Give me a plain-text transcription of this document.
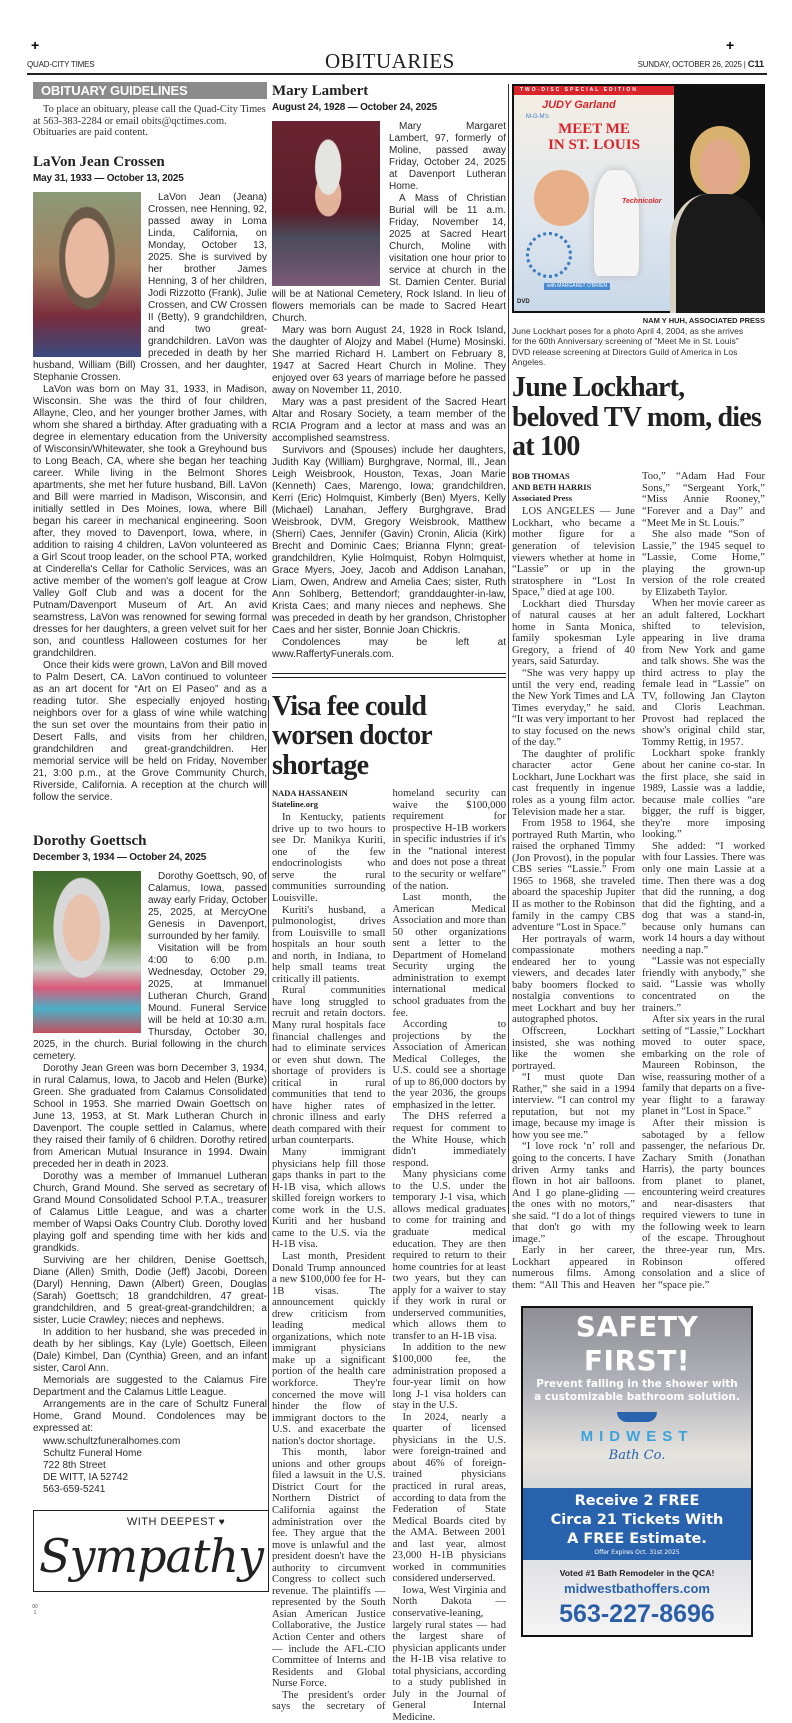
+	+
QUAD-CITY TIMES	OBITUARIES	SUNDAY, OCTOBER 26, 2025 | C11
OBITUARY GUIDELINES
To place an obituary, please call the Quad-City Times at 563-383-2284 or email obits@qctimes.com. Obituaries are paid content.
LaVon Jean Crossen
May 31, 1933 — October 13, 2025

LaVon Jean (Jeana) Crossen, nee Henning, 92, passed away in Loma Linda, California, on Monday, October 13, 2025. She is survived by her brother James Henning, 3 of her children, Jodi Rizzotto (Frank), Julie Crossen, and CW Crossen II (Betty), 9 grandchildren, and two great-grandchildren. LaVon was preceded in death by her husband, William (Bill) Crossen, and her daughter, Stephanie Crossen.

LaVon was born on May 31, 1933, in Madison, Wisconsin. She was the third of four children, Allayne, Cleo, and her younger brother James, with whom she shared a birthday. After graduating with a degree in elementary education from the University of Wisconsin/Whitewater, she took a Greyhound bus to Long Beach, CA, where she began her teaching career. While living in the Belmont Shores apartments, she met her future husband, Bill. LaVon and Bill were married in Madison, Wisconsin, and initially settled in Des Moines, Iowa, where Bill began his career in mechanical engineering. Soon after, they moved to Davenport, Iowa, where, in addition to raising 4 children, LaVon volunteered as a Girl Scout troop leader, on the school PTA, worked at Cinderella's Cellar for Catholic Services, was an active member of the women's golf league at Crow Valley Golf Club and was a docent for the Putnam/Davenport Museum of Art. An avid seamstress, LaVon was renowned for sewing formal dresses for her daughters, a green velvet suit for her son, and countless Halloween costumes for her grandchildren.

Once their kids were grown, LaVon and Bill moved to Palm Desert, CA. LaVon continued to volunteer as an art docent for “Art on El Paseo” and as a reading tutor. She especially enjoyed hosting neighbors over for a glass of wine while watching the sun set over the mountains from their patio in Desert Falls, and visits from her children, grandchildren and great-grandchildren. Her memorial service will be held on Friday, November 21, 3:00 p.m., at the Grove Community Church, Riverside, California. A reception at the church will follow the service.

Dorothy Goettsch
December 3, 1934 — October 24, 2025

Dorothy Goettsch, 90, of Calamus, Iowa, passed away early Friday, October 25, 2025, at MercyOne Genesis in Davenport, surrounded by her family.

Visitation will be from 4:00 to 6:00 p.m. Wednesday, October 29, 2025, at Immanuel Lutheran Church, Grand Mound. Funeral Service will be held at 10:30 a.m. Thursday, October 30, 2025, in the church. Burial following in the church cemetery.

Dorothy Jean Green was born December 3, 1934, in rural Calamus, Iowa, to Jacob and Helen (Burke) Green. She graduated from Calamus Consolidated School in 1953. She married Dwain Goettsch on June 13, 1953, at St. Mark Lutheran Church in Davenport. The couple settled in Calamus, where they raised their family of 6 children. Dorothy retired from American Mutual Insurance in 1994. Dwain preceded her in death in 2023.

Dorothy was a member of Immanuel Lutheran Church, Grand Mound. She served as secretary of Grand Mound Consolidated School P.T.A., treasurer of Calamus Little League, and was a charter member of Wapsi Oaks Country Club. Dorothy loved playing golf and spending time with her kids and grandkids.

Surviving are her children, Denise Goettsch, Diane (Allen) Smith, Dodie (Jeff) Jacobi, Doreen (Daryl) Henning, Dawn (Albert) Green, Douglas (Sarah) Goettsch; 18 grandchildren, 47 great-grandchildren, and 5 great-great-grandchildren; a sister, Lucie Crawley; nieces and nephews.

In addition to her husband, she was preceded in death by her siblings, Kay (Lyle) Goettsch, Eileen (Dale) Kimbel, Dan (Cynthia) Green, and an infant sister, Carol Ann.

Memorials are suggested to the Calamus Fire Department and the Calamus Little League.

Arrangements are in the care of Schultz Funeral Home, Grand Mound. Condolences may be expressed at:

www.schultzfuneralhomes.com
Schultz Funeral Home
722 8th Street
DE WITT, IA 52742
563-659-5241
WITH DEEPEST ♥
Sympathy
00
1
Mary Lambert
August 24, 1928 — October 24, 2025

Mary Margaret Lambert, 97, formerly of Moline, passed away Friday, October 24, 2025 at Davenport Lutheran Home.

A Mass of Christian Burial will be 11 a.m. Friday, November 14, 2025 at Sacred Heart Church, Moline with visitation one hour prior to service at church in the St. Damien Center. Burial will be at National Cemetery, Rock Island. In lieu of flowers memorials can be made to Sacred Heart Church.

Mary was born August 24, 1928 in Rock Island, the daughter of Alojzy and Mabel (Hume) Mosinski. She married Richard H. Lambert on February 8, 1947 at Sacred Heart Church in Moline. They enjoyed over 63 years of marriage before he passed away on November 11, 2010.

Mary was a past president of the Sacred Heart Altar and Rosary Society, a team member of the RCIA Program and a lector at mass and was an accomplished seamstress.

Survivors and (Spouses) include her daughters, Judith Kay (William) Burghgrave, Normal, Ill., Jean Leigh Weisbrook, Houston, Texas, Joan Marie (Kenneth) Caes, Marengo, Iowa; grandchildren, Kerri (Eric) Holmquist, Kimberly (Ben) Myers, Kelly (Michael) Lanahan, Jeffery Burghgrave, Brad Weisbrook, DVM, Gregory Weisbrook, Matthew (Sherri) Caes, Jennifer (Gavin) Cronin, Alicia (Kirk) Brecht and Dominic Caes; Brianna Flynn; great-grandchildren, Kylie Holmquist, Robyn Holmquist, Grace Myers, Joey, Jacob and Addison Lanahan, Liam, Owen, Andrew and Amelia Caes; sister, Ruth Ann Sohlberg, Bettendorf; granddaughter-in-law, Krista Caes; and many nieces and nephews. She was preceded in death by her grandson, Christopher Caes and her sister, Bonnie Joan Chickris.

Condolences may be left at www.RaffertyFunerals.com.

Visa fee could worsen doctor shortage
NADA HASSANEIN
Stateline.org

In Kentucky, patients drive up to two hours to see Dr. Manikya Kuriti, one of the few endocrinologists who serve the rural communities surrounding Louisville.

Kuriti's husband, a pulmonologist, drives from Louisville to small hospitals an hour south and north, in Indiana, to help small teams treat critically ill patients.

Rural communities have long struggled to recruit and retain doctors. Many rural hospitals face financial challenges and had to eliminate services or even shut down. The shortage of providers is critical in rural communities that tend to have higher rates of chronic illness and early death compared with their urban counterparts.

Many immigrant physicians help fill those gaps thanks in part to the H-1B visa, which allows skilled foreign workers to come work in the U.S. Kuriti and her husband came to the U.S. via the H-1B visa.

Last month, President Donald Trump announced a new $100,000 fee for H-1B visas. The announcement quickly drew criticism from leading medical organizations, which note immigrant physicians make up a significant portion of the health care workforce. They're concerned the move will hinder the flow of immigrant doctors to the U.S. and exacerbate the nation's doctor shortage.

This month, labor unions and other groups filed a lawsuit in the U.S. District Court for the Northern District of California against the administration over the fee. They argue that the move is unlawful and the president doesn't have the authority to circumvent Congress to collect such revenue. The plaintiffs — represented by the South Asian American Justice Collaborative, the Justice Action Center and others — include the AFL-CIO Committee of Interns and Residents and Global Nurse Force.

The president's order says the secretary of homeland security can waive the $100,000 requirement for prospective H-1B workers in specific industries if it's in the “national interest and does not pose a threat to the security or welfare” of the nation.

Last month, the American Medical Association and more than 50 other organizations sent a letter to the Department of Homeland Security urging the administration to exempt international medical school graduates from the fee.

According to projections by the Association of American Medical Colleges, the U.S. could see a shortage of up to 86,000 doctors by the year 2036, the groups emphasized in the letter.

The DHS referred a request for comment to the White House, which didn't immediately respond.

Many physicians come to the U.S. under the temporary J-1 visa, which allows medical graduates to come for training and graduate medical education. They are then required to return to their home countries for at least two years, but they can apply for a waiver to stay if they work in rural or underserved communities, which allows them to transfer to an H-1B visa.

In addition to the new $100,000 fee, the administration proposed a four-year limit on how long J-1 visa holders can stay in the U.S.

In 2024, nearly a quarter of licensed physicians in the U.S. were foreign-trained and about 46% of foreign-trained physicians practiced in rural areas, according to data from the Federation of State Medical Boards cited by the AMA. Between 2001 and last year, almost 23,000 H-1B physicians worked in communities considered underserved.

Iowa, West Virginia and North Dakota — conservative-leaning, largely rural states — had the largest share of physician applicants under the H-1B visa relative to total physicians, according to a study published in July in the Journal of General Internal Medicine.

TWO-DISC SPECIAL EDITION
JUDY Garland
M-G-M's
MEET ME
IN ST. LOUIS
Technicolor
with MARGARET O'BRIEN
DVD
NAM Y HUH, ASSOCIATED PRESS
June Lockhart poses for a photo April 4, 2004, as she arrives for the 60th Anniversary screening of "Meet Me in St. Louis" DVD release screening at Directors Guild of America in Los Angeles.
June Lockhart, beloved TV mom, dies at 100
BOB THOMAS
AND BETH HARRIS
Associated Press

LOS ANGELES — June Lockhart, who became a mother figure for a generation of television viewers whether at home in “Lassie” or up in the stratosphere in “Lost In Space,” died at age 100.

Lockhart died Thursday of natural causes at her home in Santa Monica, family spokesman Lyle Gregory, a friend of 40 years, said Saturday.

“She was very happy up until the very end, reading the New York Times and LA Times everyday,” he said. “It was very important to her to stay focused on the news of the day.”

The daughter of prolific character actor Gene Lockhart, June Lockhart was cast frequently in ingenue roles as a young film actor. Television made her a star.

From 1958 to 1964, she portrayed Ruth Martin, who raised the orphaned Timmy (Jon Provost), in the popular CBS series “Lassie.” From 1965 to 1968, she traveled aboard the spaceship Jupiter II as mother to the Robinson family in the campy CBS adventure “Lost in Space.”

Her portrayals of warm, compassionate mothers endeared her to young viewers, and decades later baby boomers flocked to nostalgia conventions to meet Lockhart and buy her autographed photos.

Offscreen, Lockhart insisted, she was nothing like the women she portrayed.

“I must quote Dan Rather,” she said in a 1994 interview. “I can control my reputation, but not my image, because my image is how you see me.”

“I love rock ‘n’ roll and going to the concerts. I have driven Army tanks and flown in hot air balloons. And I go plane-gliding — the ones with no motors,” she said. “I do a lot of things that don't go with my image.”

Early in her career, Lockhart appeared in numerous films. Among them: “All This and Heaven Too,” “Adam Had Four Sons,” “Sergeant York,” “Miss Annie Rooney,” “Forever and a Day” and “Meet Me in St. Louis.”

She also made “Son of Lassie,” the 1945 sequel to “Lassie, Come Home,” playing the grown-up version of the role created by Elizabeth Taylor.

When her movie career as an adult faltered, Lockhart shifted to television, appearing in live drama from New York and game and talk shows. She was the third actress to play the female lead in “Lassie” on TV, following Jan Clayton and Cloris Leachman. Provost had replaced the show's original child star, Tommy Rettig, in 1957.

Lockhart spoke frankly about her canine co-star. In the first place, she said in 1989, Lassie was a laddie, because male collies “are bigger, the ruff is bigger, they're more imposing looking.”

She added: “I worked with four Lassies. There was only one main Lassie at a time. Then there was a dog that did the running, a dog that did the fighting, and a dog that was a stand-in, because only humans can work 14 hours a day without needing a nap.”

“Lassie was not especially friendly with anybody,” she said. “Lassie was wholly concentrated on the trainers.”

After six years in the rural setting of “Lassie,” Lockhart moved to outer space, embarking on the role of Maureen Robinson, the wise, reassuring mother of a family that departs on a five-year flight to a faraway planet in “Lost in Space.”

After their mission is sabotaged by a fellow passenger, the nefarious Dr. Zachary Smith (Jonathan Harris), the party bounces from planet to planet, encountering weird creatures and near-disasters that required viewers to tune in the following week to learn of the escape. Throughout the three-year run, Mrs. Robinson offered consolation and a slice of her “space pie.”

SAFETY FIRST!
Prevent falling in the shower with
a customizable bathroom solution.
MIDWEST
Bath Co.
Receive 2 FREE
Circa 21 Tickets With
A FREE Estimate.
Offer Expires Oct. 31st 2025
Voted #1 Bath Remodeler in the QCA!
midwestbathoffers.com
563-227-8696
